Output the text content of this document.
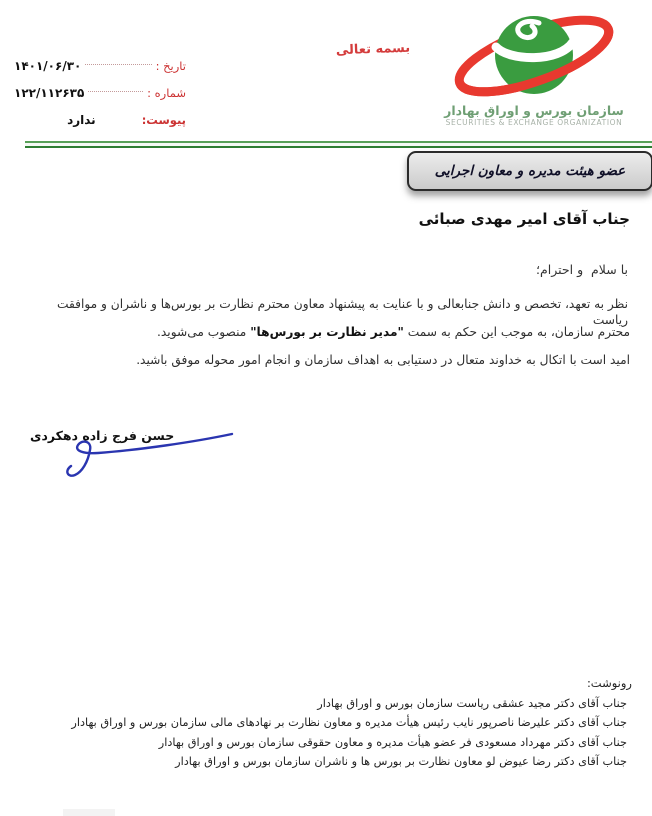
بسمه تعالی
تاریخ :
۱۴۰۱/۰۶/۳۰
شماره :
۱۲۲/۱۱۲۶۳۵
پیوست:
ندارد
سازمان بورس و اوراق بهادار
SECURITIES & EXCHANGE ORGANIZATION
عضو هیئت مدیره و معاون اجرایی
جناب آقای امیر مهدی صبائی
با سلام  و احترام؛
نظر به تعهد، تخصص و دانش جنابعالی و با عنایت به پیشنهاد معاون محترم نظارت بر بورس‌ها و ناشران و موافقت ریاست
محترم سازمان، به موجب این حکم به سمت "مدیر نظارت بر بورس‌ها" منصوب می‌شوید.
امید است با اتکال به خداوند متعال در دستیابی به اهداف سازمان و انجام امور محوله موفق باشید.
حسن فرج زاده دهکردی
رونوشت:
جناب آقای دکتر مجید عشقی ریاست سازمان بورس و اوراق بهادار
جناب آقای دکتر علیرضا ناصرپور نایب رئیس هیأت مدیره و معاون نظارت بر نهادهای مالی سازمان بورس و اوراق بهادار
جناب آقای دکتر مهرداد مسعودی فر عضو هیأت مدیره و معاون حقوقی سازمان بورس و اوراق بهادار
جناب آقای دکتر رضا عیوض لو معاون نظارت بر بورس ها و ناشران سازمان بورس و اوراق بهادار
